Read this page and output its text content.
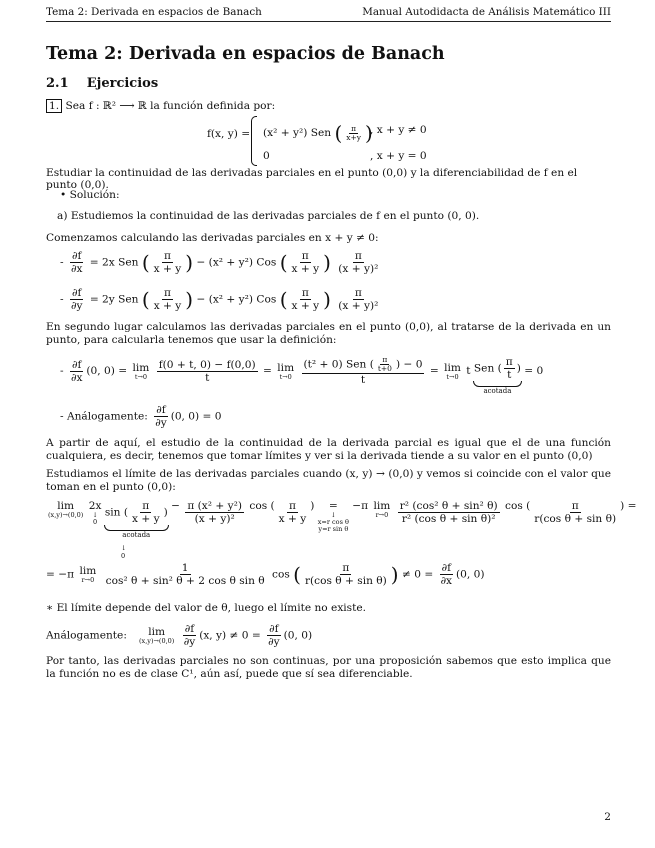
Tema 2: Derivada en espacios de Banach	Manual Autodidacta de Análisis Matemático III
Tema 2: Derivada en espacios de Banach
2.1    Ejercicios
1. Sea f : ℝ² ⟶ ℝ la función definida por:
f(x, y) = (x² + y²) Sen ( $\frac{\pi}{x+y}$ )
, x + y ≠ 0
0	, x + y = 0
Estudiar la continuidad de las derivadas parciales en el punto (0,0) y la diferenciabilidad de f en el punto (0,0).
• Solución:
a) Estudiemos la continuidad de las derivadas parciales de f en el punto (0, 0).
Comenzamos calculando las derivadas parciales en x + y ≠ 0:
- $\frac{\partial f}{\partial x} = 2x$ Sen ( $\frac{\pi}{x + y}$ ) − (x² + y²) Cos ( $\frac{\pi}{x + y}$ ) $\frac{\pi}{\text{(x + y)²}}$
- $\frac{\partial f}{\partial y} = 2y$ Sen ( $\frac{\pi}{x + y}$ ) − (x² + y²) Cos ( $\frac{\pi}{x + y}$ ) $\frac{\pi}{\text{(x + y)²}}$
En segundo lugar calculamos las derivadas parciales en el punto (0,0), al tratarse de la derivada en un punto, para calcularla tenemos que usar la definición:
- $\frac{\partial f}{\partial x} (0$, 0) = lim
t→0
$\frac{f(0 + t, 0) - f(0,0)}{t} = \lim$
t→0
$\frac{(t^2 + 0) Sen ( \frac{\pi}{t+0} ) - 0}{t} = \lim$
t→0 t Sen ( $\frac{\pi}{t}$ )
acotada
= 0
- Análogamente: $\frac{\partial f}{\partial y} (0$, 0) = 0
A partir de aquí, el estudio de la continuidad de la derivada parcial es igual que el de una función cualquiera, es decir, tenemos que tomar límites y ver si la derivada tiende a su valor en el punto (0,0)
Estudiamos el límite de las derivadas parciales cuando (x, y) → (0,0) y vemos si coincide con el valor que toman en el punto (0,0):
lim
(x,y)→(0,0)

2x
↓
0

sin ( $\frac{\pi}{x + y}$ )
acotada
− $\frac{\text{π (x² + y²)}}{\text{(x + y)²}}$ cos ( $\frac{\pi}{x + y}$ ) =
↓
x=r cos θ
y=r sin θ
−π lim
r→0
$\frac{\text{r² (cos² θ + sin² θ)}}{\text{r² (cos θ + sin θ)²}}$ cos ( $\frac{\pi}{\text{r(cos θ + sin θ)}}$ ) =
↓
0
= −π lim
r→0
$\frac{1}{\text{cos² θ + sin² θ + 2 cos θ sin θ}}$ cos ( $\frac{\pi}{\text{r(cos θ + sin θ)}}$ ) ≠ $0 = \frac{\partial f}{\partial x} (0$, 0)
∗ El límite depende del valor de θ, luego el límite no existe.
Análogamente: lim
(x,y)→(0,0)
$\frac{\partial f}{\partial y} (x$, $y) \ne 0 = \frac{\partial f}{\partial y} (0$, 0)
Por tanto, las derivadas parciales no son continuas, por una proposición sabemos que esto implica que la función no es de clase C¹, aún así, puede que sí sea diferenciable.
2
